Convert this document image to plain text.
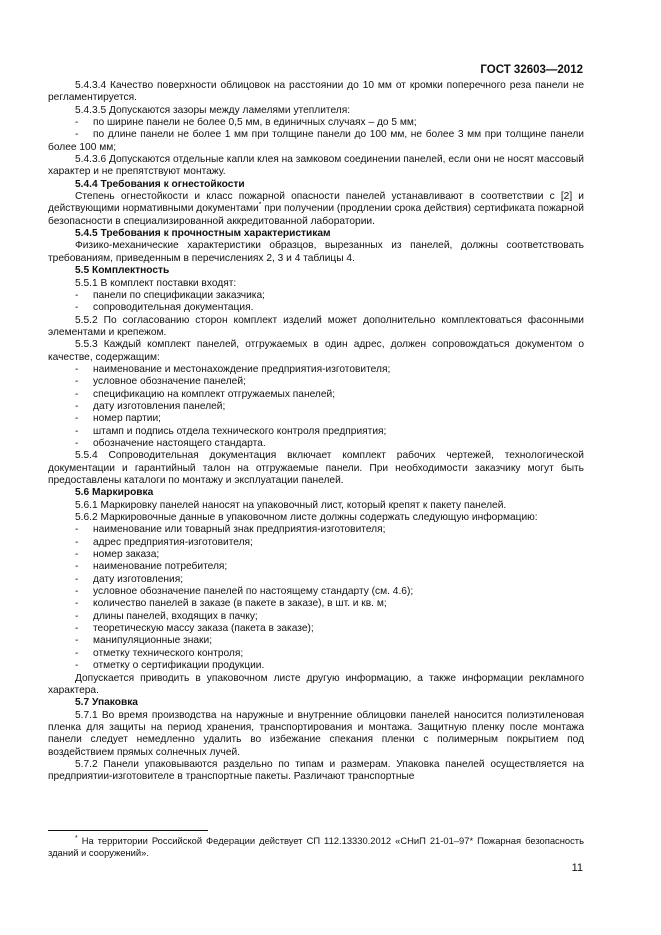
ГОСТ 32603—2012
5.4.3.4 Качество поверхности облицовок на расстоянии до 10 мм от кромки поперечного реза панели не регламентируется.
5.4.3.5 Допускаются зазоры между ламелями утеплителя:
- по ширине панели не более 0,5 мм, в единичных случаях – до 5 мм;
- по длине панели не более 1 мм при толщине панели до 100 мм, не более 3 мм при толщине панели более 100 мм;
5.4.3.6 Допускаются отдельные капли клея на замковом соединении панелей, если они не носят массовый характер и не препятствуют монтажу.
5.4.4 Требования к огнестойкости
Степень огнестойкости и класс пожарной опасности панелей устанавливают в соответствии с [2] и действующими нормативными документами* при получении (продлении срока действия) сертификата пожарной безопасности в специализированной аккредитованной лаборатории.
5.4.5 Требования к прочностным характеристикам
Физико-механические характеристики образцов, вырезанных из панелей, должны соответствовать требованиям, приведенным в перечислениях 2, 3 и 4 таблицы 4.
5.5 Комплектность
5.5.1 В комплект поставки входят:
- панели по спецификации заказчика;
- сопроводительная документация.
5.5.2 По согласованию сторон комплект изделий может дополнительно комплектоваться фасонными элементами и крепежом.
5.5.3 Каждый комплект панелей, отгружаемых в один адрес, должен сопровождаться документом о качестве, содержащим:
- наименование и местонахождение предприятия-изготовителя;
- условное обозначение панелей;
- спецификацию на комплект отгружаемых панелей;
- дату изготовления панелей;
- номер партии;
- штамп и подпись отдела технического контроля предприятия;
- обозначение настоящего стандарта.
5.5.4 Сопроводительная документация включает комплект рабочих чертежей, технологической документации и гарантийный талон на отгружаемые панели. При необходимости заказчику могут быть предоставлены каталоги по монтажу и эксплуатации панелей.
5.6 Маркировка
5.6.1 Маркировку панелей наносят на упаковочный лист, который крепят к пакету панелей.
5.6.2 Маркировочные данные в упаковочном листе должны содержать следующую информацию:
- наименование или товарный знак предприятия-изготовителя;
- адрес предприятия-изготовителя;
- номер заказа;
- наименование потребителя;
- дату изготовления;
- условное обозначение панелей по настоящему стандарту (см. 4.6);
- количество панелей в заказе (в пакете в заказе), в шт. и кв. м;
- длины панелей, входящих в пачку;
- теоретическую массу заказа (пакета в заказе);
- манипуляционные знаки;
- отметку технического контроля;
- отметку о сертификации продукции.
Допускается приводить в упаковочном листе другую информацию, а также информации рекламного характера.
5.7 Упаковка
5.7.1 Во время производства на наружные и внутренние облицовки панелей наносится полиэтиленовая пленка для защиты на период хранения, транспортирования и монтажа. Защитную пленку после монтажа панели следует немедленно удалить во избежание спекания пленки с полимерным покрытием под воздействием прямых солнечных лучей.
5.7.2 Панели упаковываются раздельно по типам и размерам. Упаковка панелей осуществляется на предприятии-изготовителе в транспортные пакеты. Различают транспортные
* На территории Российской Федерации действует СП 112.13330.2012 «СНиП 21-01–97* Пожарная безопасность зданий и сооружений».
11
